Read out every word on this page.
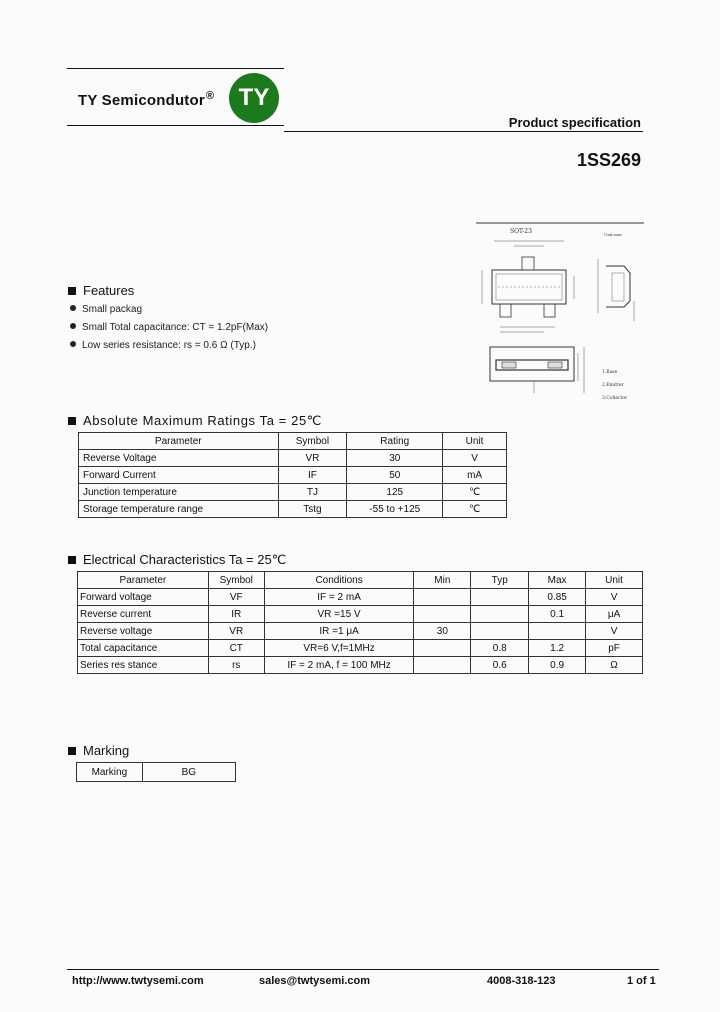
TY Semicondutor®	TY
Product specification
1SS269
SOT-23	Unit:mm
1.Base
2.Emitter
3.Collector
Features
Small packag
Small Total capacitance: CT = 1.2pF(Max)
Low series resistance: rs = 0.6 Ω (Typ.)
Absolute Maximum Ratings Ta = 25℃
Parameter	Symbol	Rating	Unit
Reverse Voltage	VR	30	V
Forward Current	IF	50	mA
Junction temperature	TJ	125	℃
Storage temperature range	Tstg	-55 to +125	℃
Electrical Characteristics Ta = 25℃
Parameter	Symbol	Conditions	Min	Typ	Max	Unit
Forward voltage	VF	IF = 2 mA			0.85	V
Reverse current	IR	VR =15 V			0.1	μA
Reverse voltage	VR	IR =1 μA	30			V
Total capacitance	CT	VR=6 V,f=1MHz		0.8	1.2	pF
Series res stance	rs	IF = 2 mA, f = 100 MHz		0.6	0.9	Ω
Marking
Marking	BG
http://www.twtysemi.com	sales@twtysemi.com	4008-318-123	1 of 1
